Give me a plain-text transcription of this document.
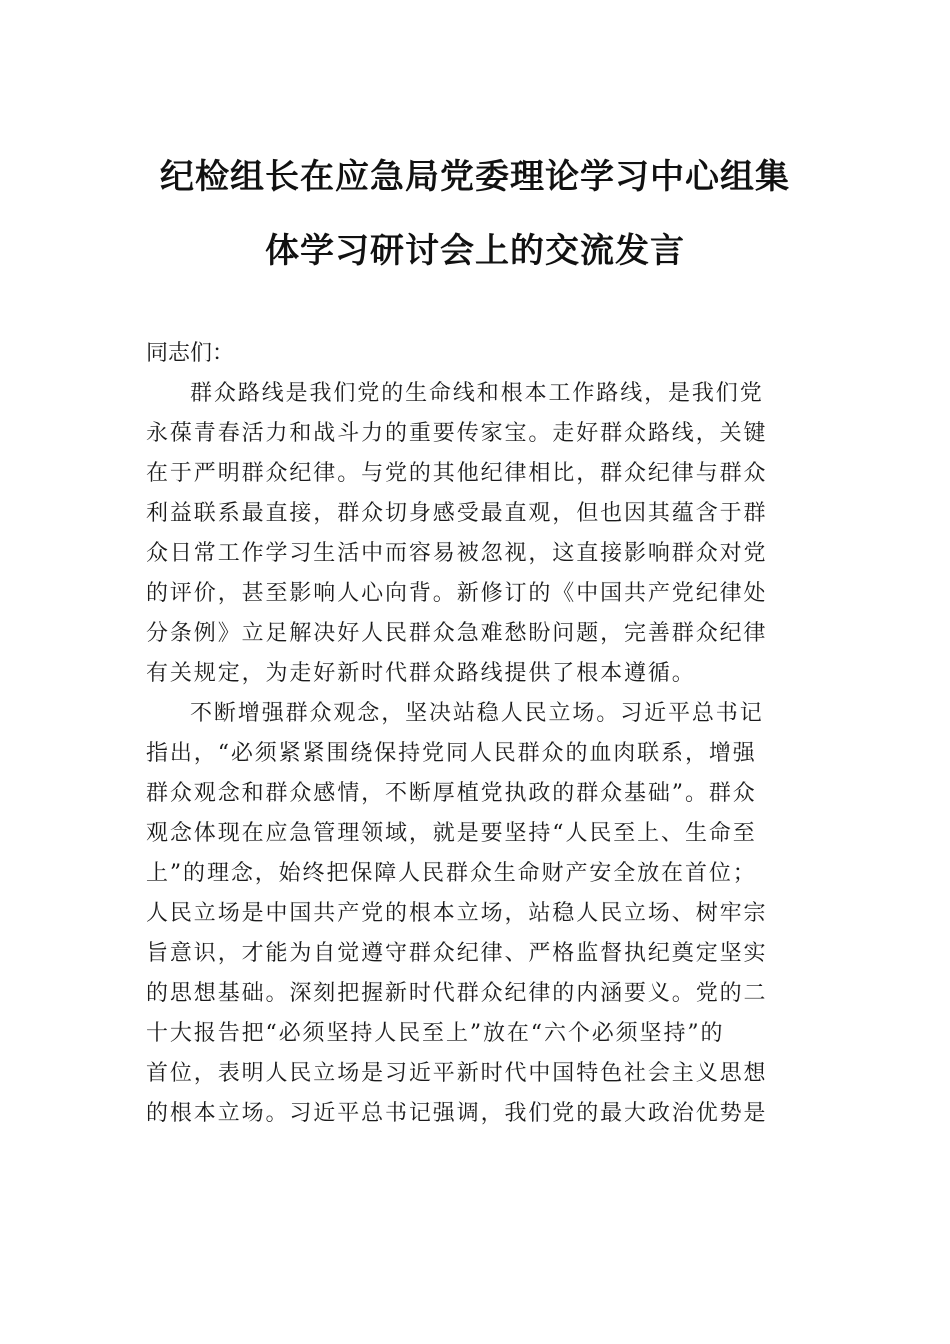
纪检组长在应急局党委理论学习中心组集
体学习研讨会上的交流发言

同志们：

群众路线是我们党的生命线和根本工作路线，是我们党
永葆青春活力和战斗力的重要传家宝。走好群众路线，关键
在于严明群众纪律。与党的其他纪律相比，群众纪律与群众
利益联系最直接，群众切身感受最直观，但也因其蕴含于群
众日常工作学习生活中而容易被忽视，这直接影响群众对党
的评价，甚至影响人心向背。新修订的《中国共产党纪律处
分条例》立足解决好人民群众急难愁盼问题，完善群众纪律
有关规定，为走好新时代群众路线提供了根本遵循。
不断增强群众观念，坚决站稳人民立场。习近平总书记
指出，“必须紧紧围绕保持党同人民群众的血肉联系，增强
群众观念和群众感情，不断厚植党执政的群众基础”。群众
观念体现在应急管理领域，就是要坚持“人民至上、生命至
上”的理念，始终把保障人民群众生命财产安全放在首位；
人民立场是中国共产党的根本立场，站稳人民立场、树牢宗
旨意识，才能为自觉遵守群众纪律、严格监督执纪奠定坚实
的思想基础。深刻把握新时代群众纪律的内涵要义。党的二
十大报告把“必须坚持人民至上”放在“六个必须坚持”的
首位，表明人民立场是习近平新时代中国特色社会主义思想
的根本立场。习近平总书记强调，我们党的最大政治优势是
